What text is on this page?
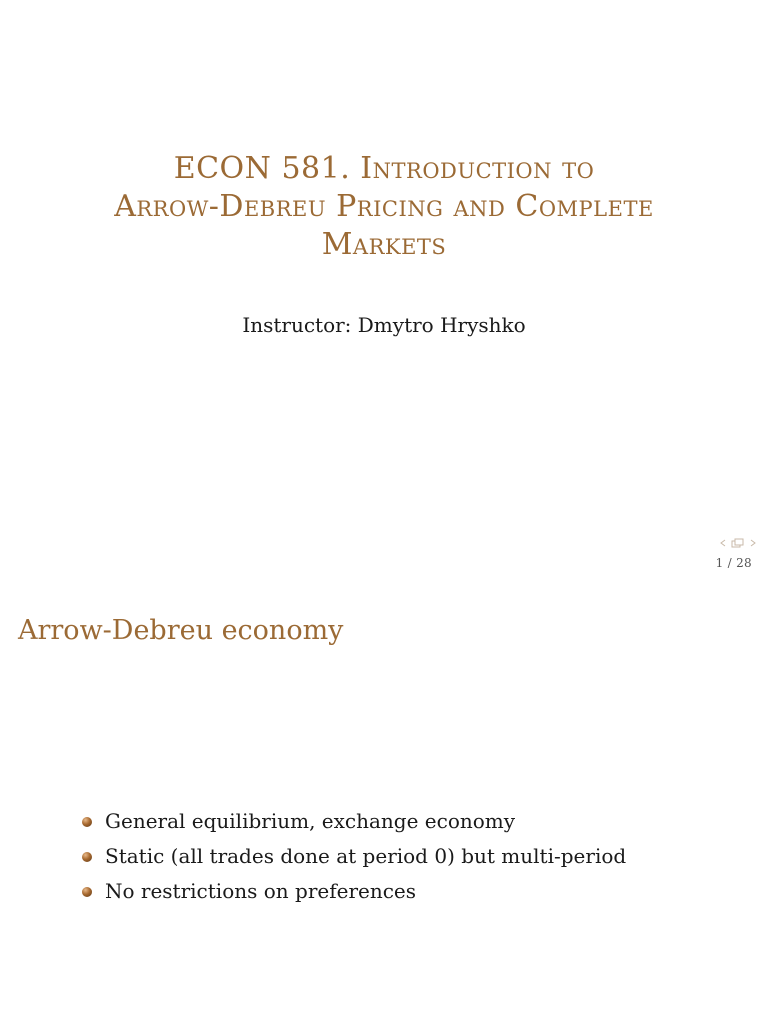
ECON 581. Introduction to
Arrow-Debreu Pricing and Complete
Markets
Instructor: Dmytro Hryshko
1 / 28
Arrow-Debreu economy
General equilibrium, exchange economy
Static (all trades done at period 0) but multi-period
No restrictions on preferences
